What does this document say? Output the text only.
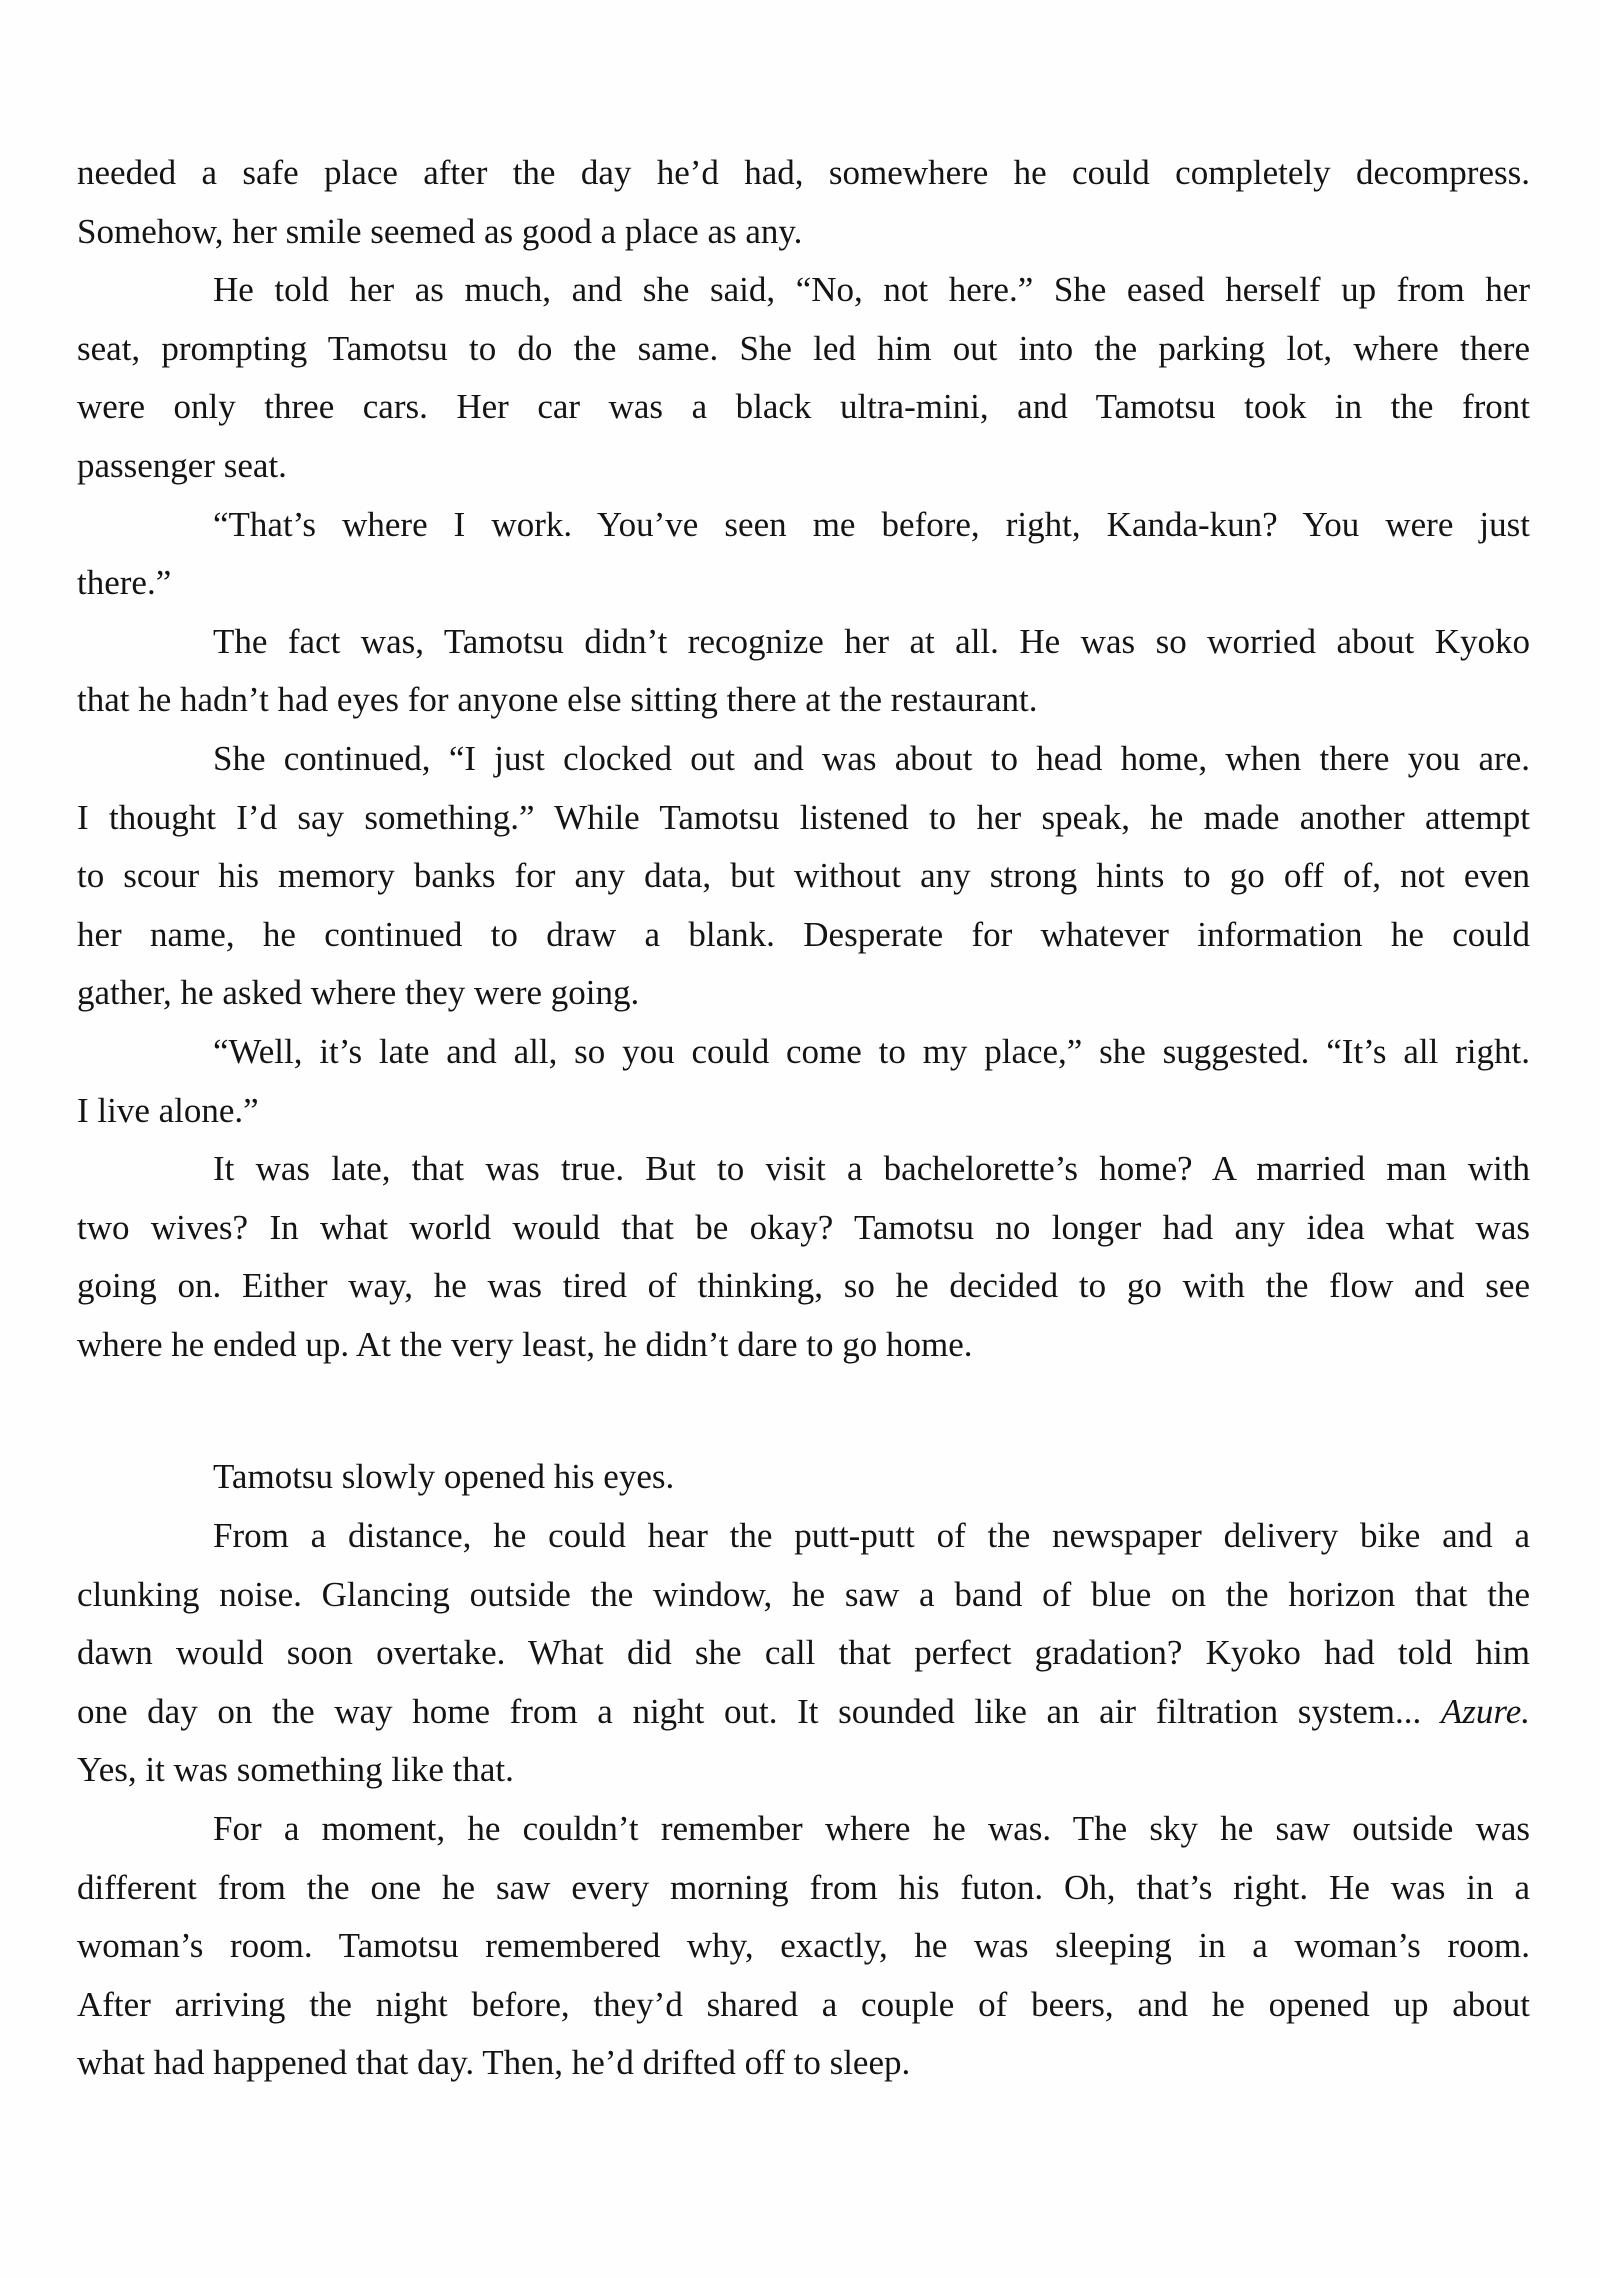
needed a safe place after the day he’d had, somewhere he could completely decompress.
Somehow, her smile seemed as good a place as any.
He told her as much, and she said, “No, not here.” She eased herself up from her
seat, prompting Tamotsu to do the same. She led him out into the parking lot, where there
were only three cars. Her car was a black ultra-mini, and Tamotsu took in the front
passenger seat.
“That’s where I work. You’ve seen me before, right, Kanda-kun? You were just
there.”
The fact was, Tamotsu didn’t recognize her at all. He was so worried about Kyoko
that he hadn’t had eyes for anyone else sitting there at the restaurant.
She continued, “I just clocked out and was about to head home, when there you are.
I thought I’d say something.” While Tamotsu listened to her speak, he made another attempt
to scour his memory banks for any data, but without any strong hints to go off of, not even
her name, he continued to draw a blank. Desperate for whatever information he could
gather, he asked where they were going.
“Well, it’s late and all, so you could come to my place,” she suggested. “It’s all right.
I live alone.”
It was late, that was true. But to visit a bachelorette’s home? A married man with
two wives? In what world would that be okay? Tamotsu no longer had any idea what was
going on. Either way, he was tired of thinking, so he decided to go with the flow and see
where he ended up. At the very least, he didn’t dare to go home.
Tamotsu slowly opened his eyes.
From a distance, he could hear the putt-putt of the newspaper delivery bike and a
clunking noise. Glancing outside the window, he saw a band of blue on the horizon that the
dawn would soon overtake. What did she call that perfect gradation? Kyoko had told him
one day on the way home from a night out. It sounded like an air filtration system... Azure.
Yes, it was something like that.
For a moment, he couldn’t remember where he was. The sky he saw outside was
different from the one he saw every morning from his futon. Oh, that’s right. He was in a
woman’s room. Tamotsu remembered why, exactly, he was sleeping in a woman’s room.
After arriving the night before, they’d shared a couple of beers, and he opened up about
what had happened that day. Then, he’d drifted off to sleep.
